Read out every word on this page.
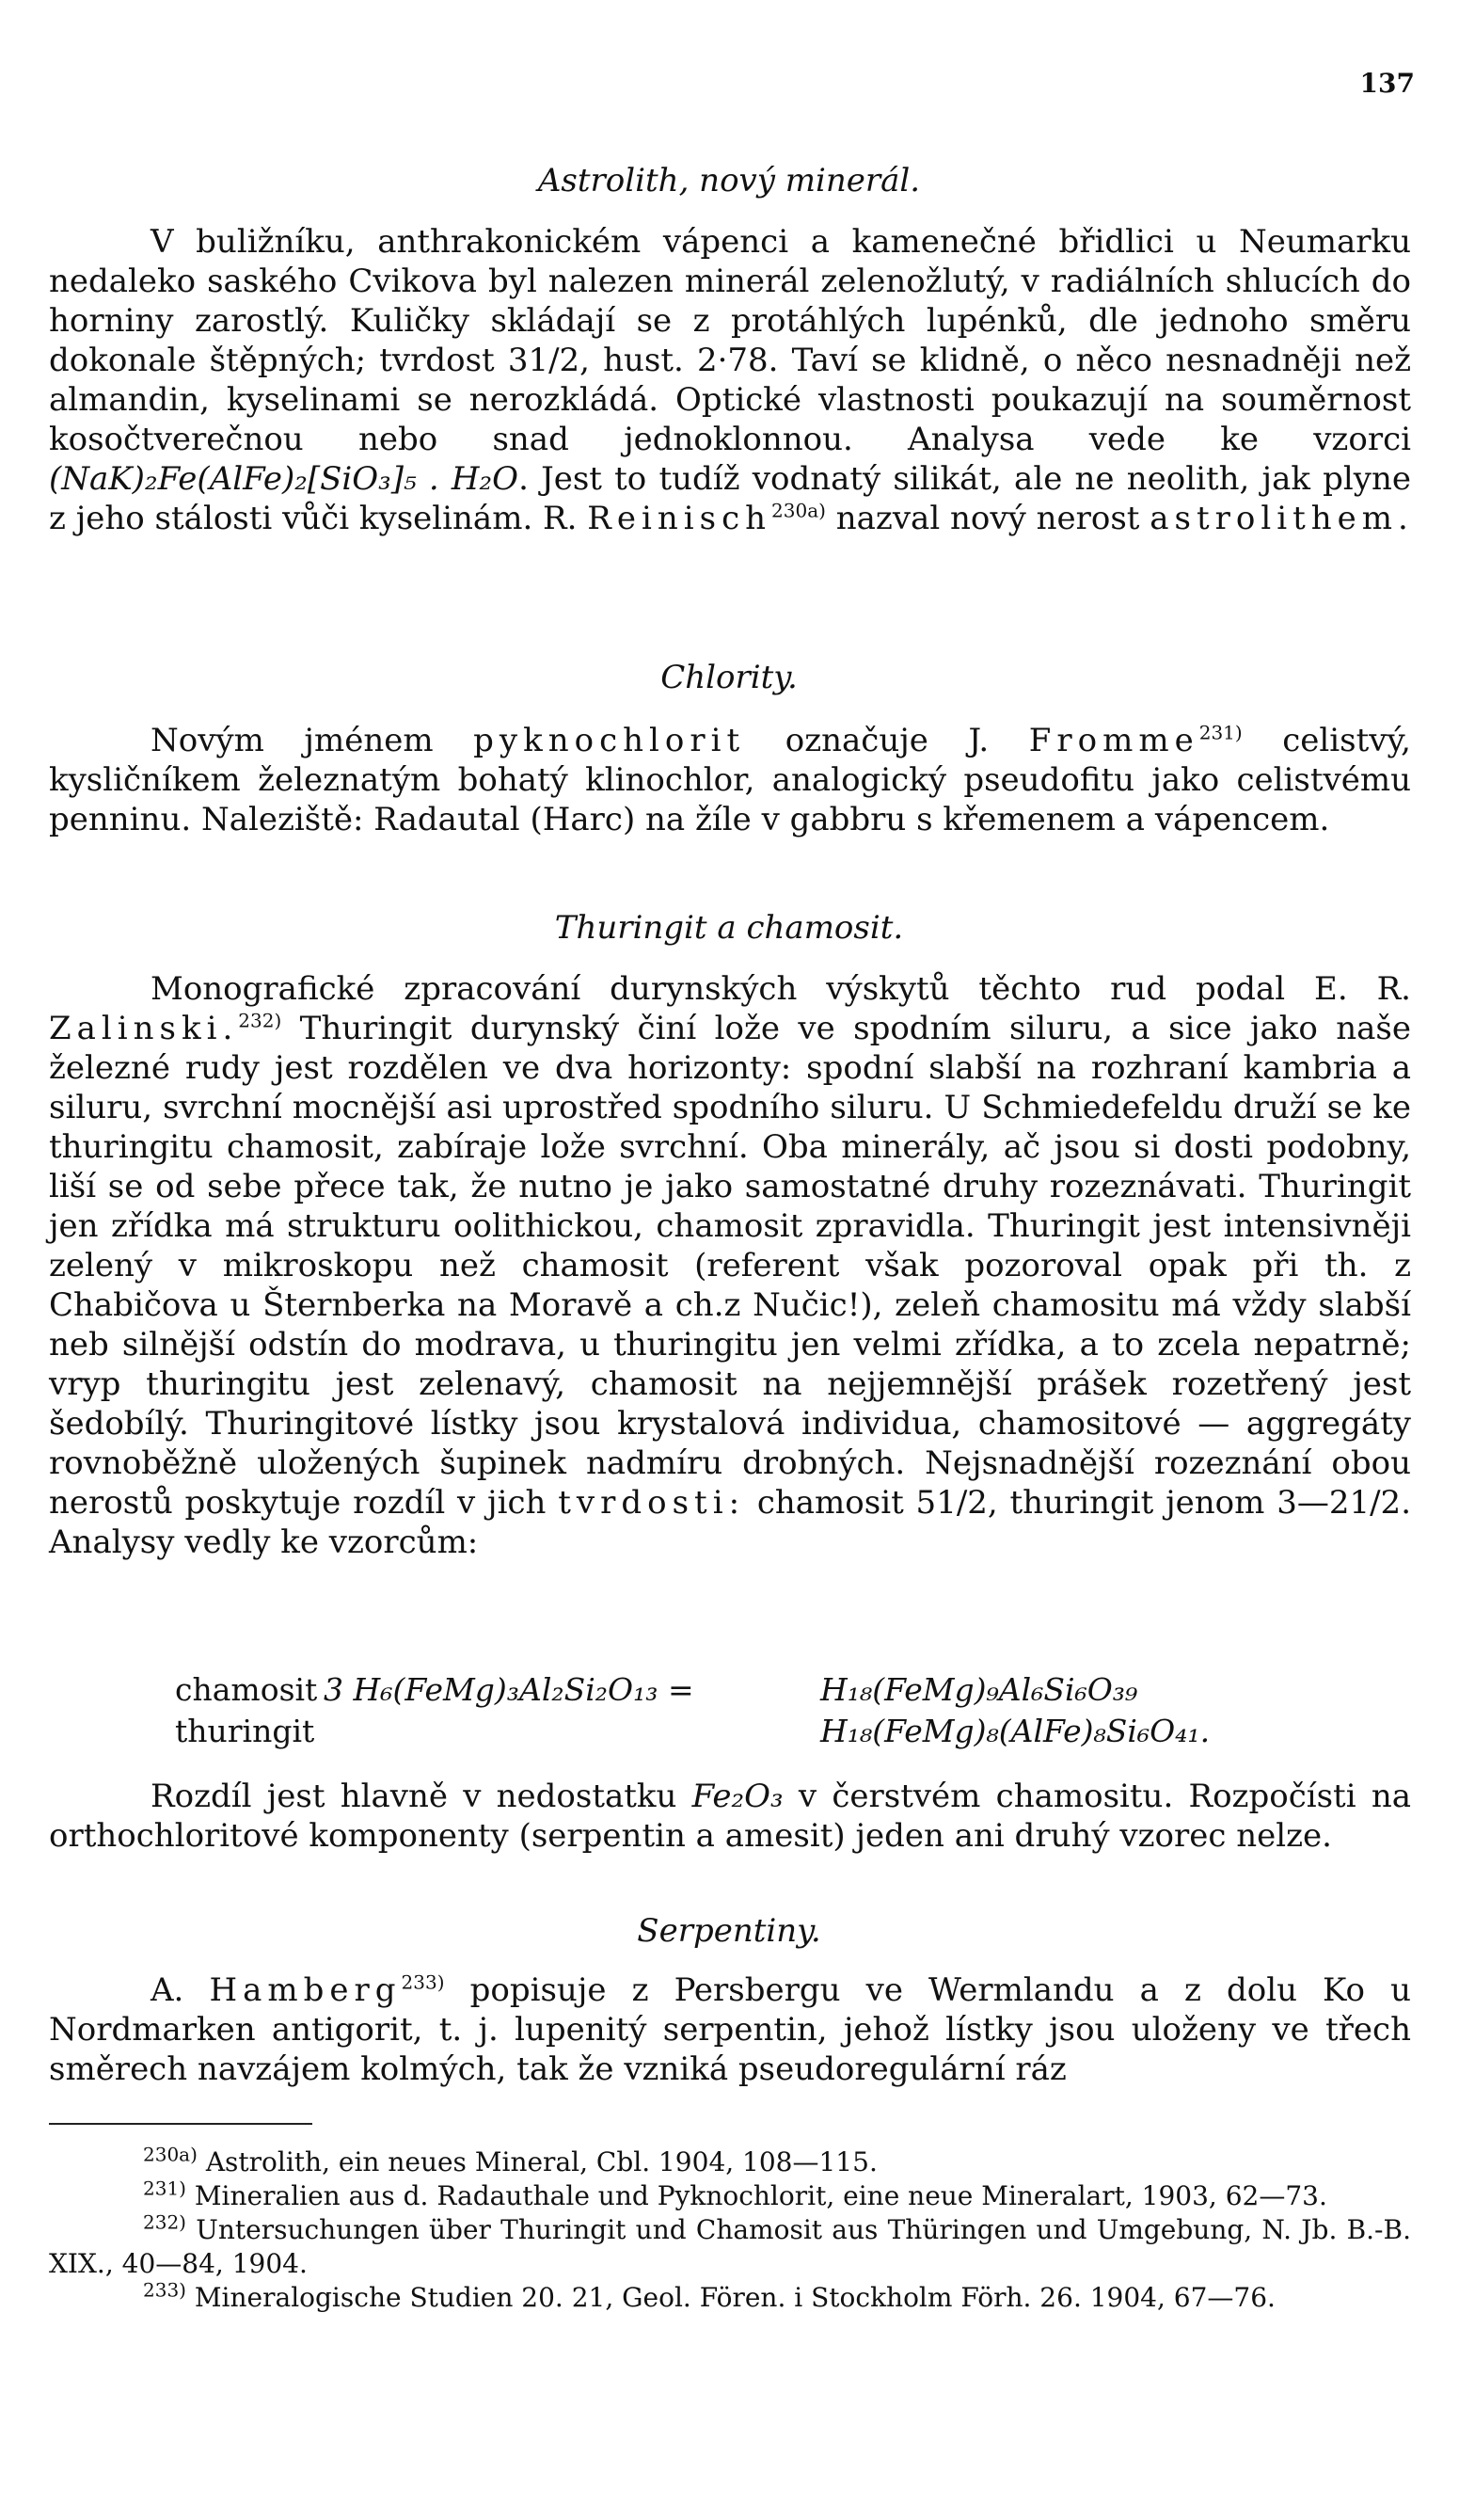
137
Astrolith, nový minerál.

V buližníku, anthrakonickém vápenci a kamenečné břidlici u Neumarku nedaleko saského Cvikova byl nalezen minerál zelenožlutý, v radiálních shlucích do horniny zarostlý. Kuličky skládají se z protáhlých lupénků, dle jednoho směru dokonale štěpných; tvrdost 31/2, hust. 2·78. Taví se klidně, o něco nesnadněji než almandin, kyselinami se nerozkládá. Optické vlastnosti poukazují na souměrnost kosočtverečnou nebo snad jednoklonnou. Analysa vede ke vzorci (NaK)₂Fe(AlFe)₂[SiO₃]₅ . H₂O. Jest to tudíž vodnatý silikát, ale ne neolith, jak plyne z jeho stálosti vůči kyselinám. R. Reinisch$^{230a)}$ nazval nový nerost astrolithem.

Chlority.

Novým jménem pyknochlorit označuje J. Fromme$^{231)}$ celistvý, kysličníkem železnatým bohatý klinochlor, analogický pseudofitu jako celistvému penninu. Naleziště: Radautal (Harc) na žíle v gabbru s křemenem a vápencem.

Thuringit a chamosit.

Monografické zpracování durynských výskytů těchto rud podal E. R. Zalinski.$^{232)}$ Thuringit durynský činí lože ve spodním siluru, a sice jako naše železné rudy jest rozdělen ve dva horizonty: spodní slabší na rozhraní kambria a siluru, svrchní mocnější asi uprostřed spodního siluru. U Schmiedefeldu druží se ke thuringitu chamosit, zabíraje lože svrchní. Oba minerály, ač jsou si dosti podobny, liší se od sebe přece tak, že nutno je jako samostatné druhy rozeznávati. Thuringit jen zřídka má strukturu oolithickou, chamosit zpravidla. Thuringit jest intensivněji zelený v mikroskopu než chamosit (referent však pozoroval opak při th. z Chabičova u Šternberka na Moravě a ch.z Nučic!), zeleň chamositu má vždy slabší neb silnější odstín do modrava, u thuringitu jen velmi zřídka, a to zcela nepatrně; vryp thuringitu jest zelenavý, chamosit na nejjemnější prášek rozetřený jest šedobílý. Thuringitové lístky jsou krystalová individua, chamositové — aggregáty rovnoběžně uložených šupinek nadmíru drobných. Nejsnadnější rozeznání obou nerostů poskytuje rozdíl v jich tvrdosti: chamosit 51/2, thuringit jenom 3—21/2. Analysy vedly ke vzorcům:

chamosit 3 H₆(FeMg)₃Al₂Si₂O₁₃ =	H₁₈(FeMg)₉Al₆Si₆O₃₉
thuringit	H₁₈(FeMg)₈(AlFe)₈Si₆O₄₁.

Rozdíl jest hlavně v nedostatku Fe₂O₃ v čerstvém chamositu. Rozpočísti na orthochloritové komponenty (serpentin a amesit) jeden ani druhý vzorec nelze.

Serpentiny.

A. Hamberg$^{233)}$ popisuje z Persbergu ve Wermlandu a z dolu Ko u Nordmarken antigorit, t. j. lupenitý serpentin, jehož lístky jsou uloženy ve třech směrech navzájem kolmých, tak že vzniká pseudoregulární ráz

$^{230a)}$ Astrolith, ein neues Mineral, Cbl. 1904, 108—115.

$^{231)}$ Mineralien aus d. Radauthale und Pyknochlorit, eine neue Mineralart, 1903, 62—73.

$^{232)}$ Untersuchungen über Thuringit und Chamosit aus Thüringen und Umgebung, N. Jb. B.-B. XIX., 40—84, 1904.

$^{233)}$ Mineralogische Studien 20. 21, Geol. Fören. i Stockholm Förh. 26. 1904, 67—76.
